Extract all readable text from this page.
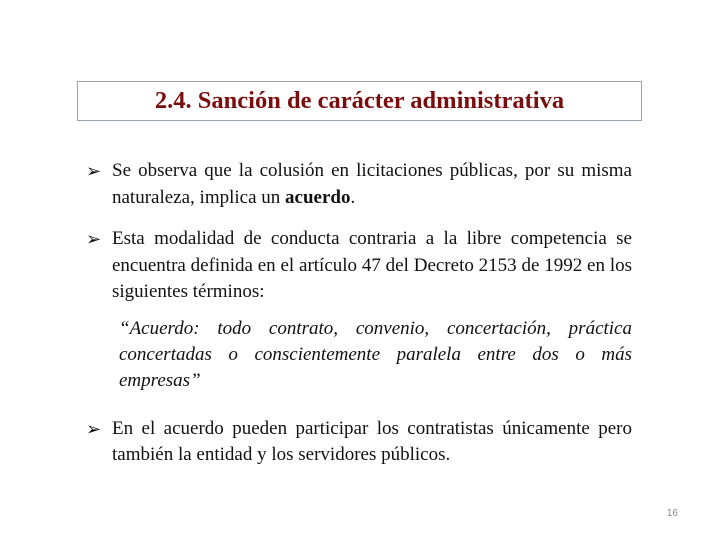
2.4. Sanción de carácter administrativa
➢ Se observa que la colusión en licitaciones públicas, por su misma naturaleza, implica un acuerdo.
➢ Esta modalidad de conducta contraria a la libre competencia se encuentra definida en el artículo 47 del Decreto 2153 de 1992 en los siguientes términos:
“Acuerdo: todo contrato, convenio, concertación, práctica concertadas o conscientemente paralela entre dos o más empresas”
➢ En el acuerdo pueden participar los contratistas únicamente pero también la entidad y los servidores públicos.
16
